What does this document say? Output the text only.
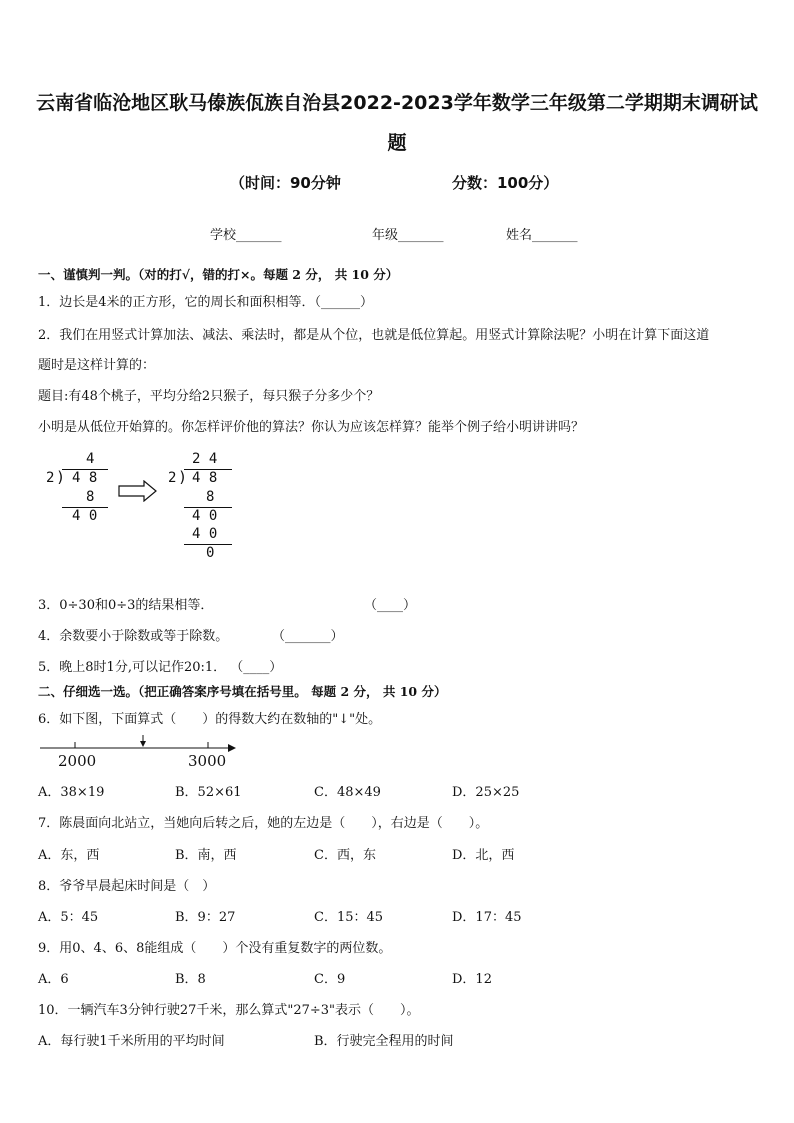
云南省临沧地区耿马傣族佤族自治县2022-2023学年数学三年级第二学期期末调研试
题
（时间：90分钟	分数：100分）
学校_______	年级_______	姓名_______
一、谨慎判一判。（对的打√，错的打×。每题 2 分， 共 10 分）
1．边长是4米的正方形，它的周长和面积相等．（______）
2．我们在用竖式计算加法、减法、乘法时，都是从个位，也就是低位算起。用竖式计算除法呢？小明在计算下面这道
题时是这样计算的：
题目:有48个桃子，平均分给2只猴子，每只猴子分多少个？
小明是从低位开始算的。你怎样评价他的算法？你认为应该怎样算？能举个例子给小明讲讲吗？
4
2 ) 4 8
8
4 0
2 4
2 ) 4 8
8
4 0
4 0
0
3．0÷30和0÷3的结果相等．	（____）
4．余数要小于除数或等于除数。	（_______）
5．晚上8时1分,可以记作20:1． （____）
二、仔细选一选。（把正确答案序号填在括号里。 每题 2 分， 共 10 分）
6．如下图，下面算式（　　）的得数大约在数轴的"↓"处。
2000	3000
A．38×19	B．52×61	C．48×49	D．25×25
7．陈晨面向北站立，当她向后转之后，她的左边是（　　），右边是（　　）。
A．东，西	B．南，西	C．西，东	D．北，西
8．爷爷早晨起床时间是（　）
A．5：45	B．9：27	C．15：45	D．17：45
9．用0、4、6、8能组成（　　）个没有重复数字的两位数。
A．6	B．8	C．9	D．12
10．一辆汽车3分钟行驶27千米，那么算式"27÷3"表示（　　）。
A．每行驶1千米所用的平均时间	B．行驶完全程用的时间
